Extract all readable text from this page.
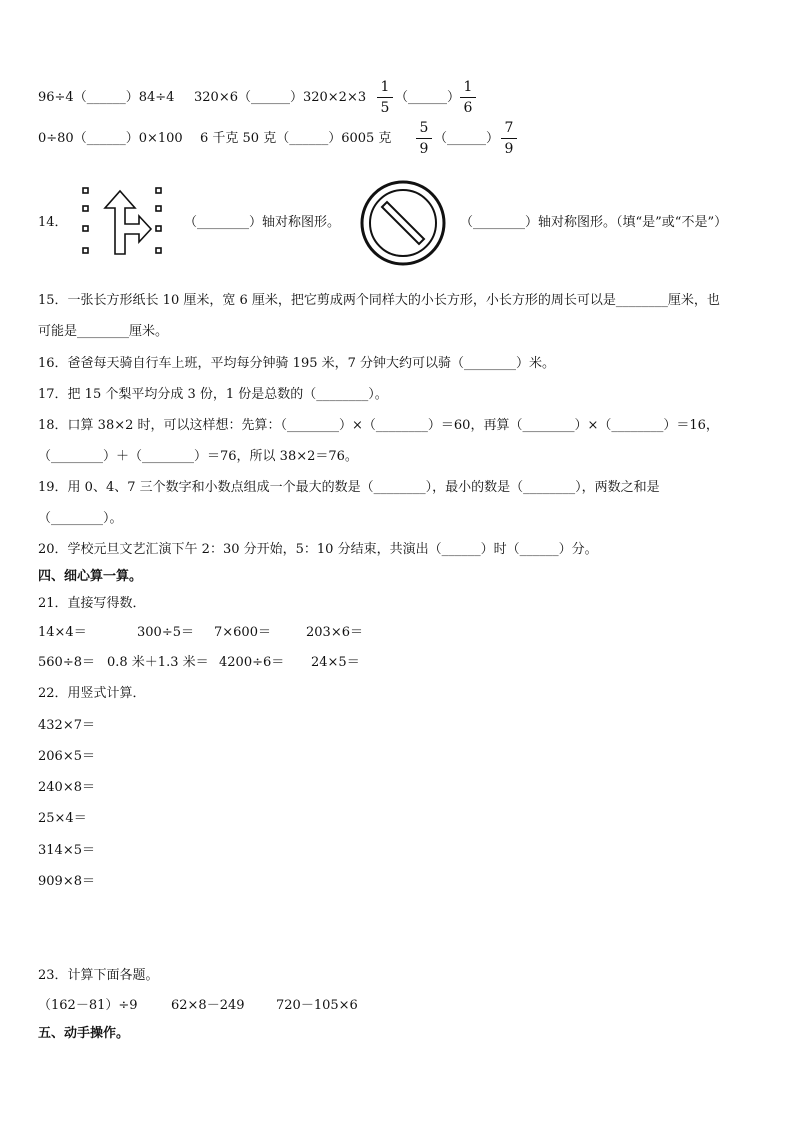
96÷4（______）84÷4 320×6（______）320×2×3
1
5
（______）
1
6
0÷80（______）0×100 6 千克 50 克（______）6005 克
5
9
（______）
7
9
14．	（________）轴对称图形。	（________）轴对称图形。（填“是”或“不是”）
15．一张长方形纸长 10 厘米，宽 6 厘米，把它剪成两个同样大的小长方形，小长方形的周长可以是________厘米，也
可能是________厘米。
16．爸爸每天骑自行车上班，平均每分钟骑 195 米，7 分钟大约可以骑（________）米。
17．把 15 个梨平均分成 3 份，1 份是总数的（________）。
18．口算 38×2 时，可以这样想：先算：（________）×（________）＝60，再算（________）×（________）＝16，
（________）＋（________）＝76，所以 38×2＝76。
19．用 0、4、7 三个数字和小数点组成一个最大的数是（________），最小的数是（________），两数之和是
（________）。
20．学校元旦文艺汇演下午 2：30 分开始，5：10 分结束，共演出（______）时（______）分。
四、细心算一算。
21．直接写得数．
14×4＝	300÷5＝ 7×600＝	203×6＝
560÷8＝ 0.8 米＋1.3 米＝ 4200÷6＝ 24×5＝
22．用竖式计算．
432×7＝
206×5＝
240×8＝
25×4＝
314×5＝
909×8＝
23．计算下面各题。
（162－81）÷9	62×8－249 720－105×6
五、动手操作。
